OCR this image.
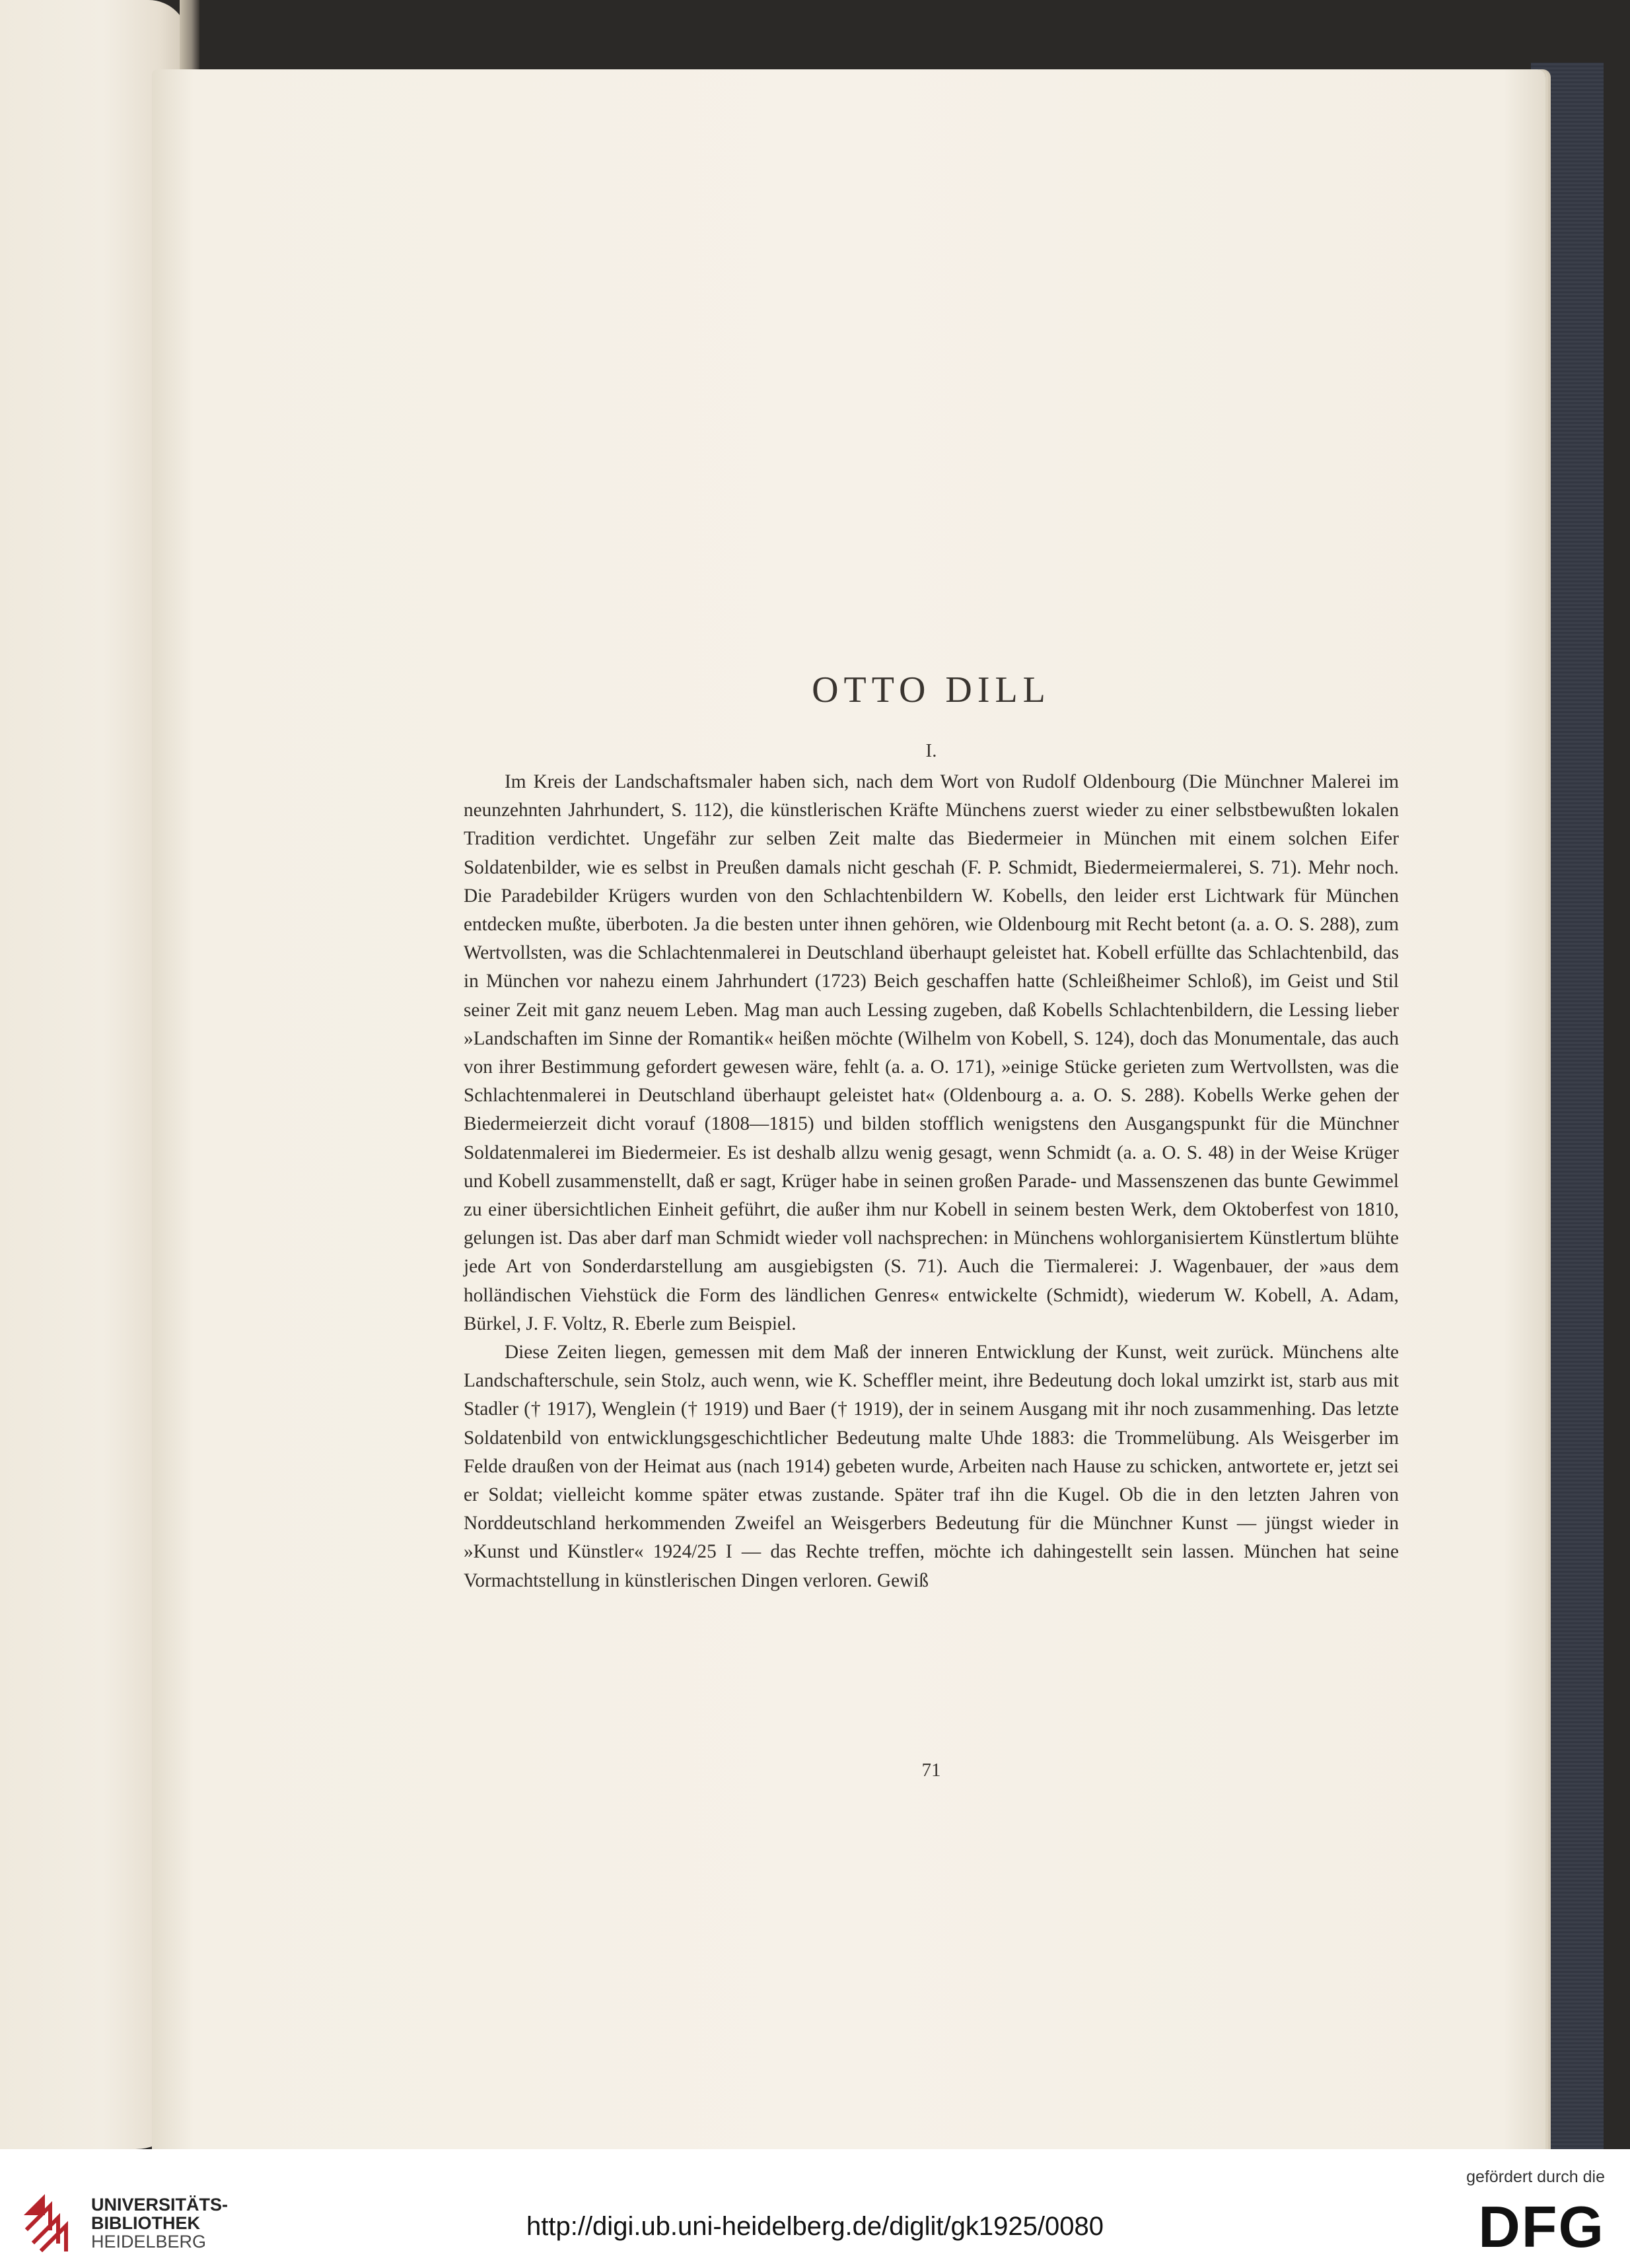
OTTO DILL
I.

Im Kreis der Landschaftsmaler haben sich, nach dem Wort von Rudolf Oldenbourg (Die Münchner Malerei im neunzehnten Jahrhundert, S. 112), die künstlerischen Kräfte Münchens zuerst wieder zu einer selbstbewußten lokalen Tradition verdichtet. Ungefähr zur selben Zeit malte das Biedermeier in München mit einem solchen Eifer Soldatenbilder, wie es selbst in Preußen damals nicht geschah (F. P. Schmidt, Biedermeiermalerei, S. 71). Mehr noch. Die Paradebilder Krügers wurden von den Schlachtenbildern W. Kobells, den leider erst Lichtwark für München entdecken mußte, überboten. Ja die besten unter ihnen gehören, wie Oldenbourg mit Recht betont (a. a. O. S. 288), zum Wertvollsten, was die Schlachtenmalerei in Deutschland überhaupt geleistet hat. Kobell erfüllte das Schlachtenbild, das in München vor nahezu einem Jahrhundert (1723) Beich geschaffen hatte (Schleißheimer Schloß), im Geist und Stil seiner Zeit mit ganz neuem Leben. Mag man auch Lessing zugeben, daß Kobells Schlachtenbildern, die Lessing lieber »Landschaften im Sinne der Romantik« heißen möchte (Wilhelm von Kobell, S. 124), doch das Monumentale, das auch von ihrer Bestimmung gefordert gewesen wäre, fehlt (a. a. O. 171), »einige Stücke gerieten zum Wertvollsten, was die Schlachtenmalerei in Deutschland überhaupt geleistet hat« (Oldenbourg a. a. O. S. 288). Kobells Werke gehen der Biedermeierzeit dicht vorauf (1808—1815) und bilden stofflich wenigstens den Ausgangspunkt für die Münchner Soldatenmalerei im Biedermeier. Es ist deshalb allzu wenig gesagt, wenn Schmidt (a. a. O. S. 48) in der Weise Krüger und Kobell zusammenstellt, daß er sagt, Krüger habe in seinen großen Parade- und Massenszenen das bunte Gewimmel zu einer übersichtlichen Einheit geführt, die außer ihm nur Kobell in seinem besten Werk, dem Oktoberfest von 1810, gelungen ist. Das aber darf man Schmidt wieder voll nachsprechen: in Münchens wohlorganisiertem Künstlertum blühte jede Art von Sonderdarstellung am ausgiebigsten (S. 71). Auch die Tiermalerei: J. Wagenbauer, der »aus dem holländischen Viehstück die Form des ländlichen Genres« entwickelte (Schmidt), wiederum W. Kobell, A. Adam, Bürkel, J. F. Voltz, R. Eberle zum Beispiel.

Diese Zeiten liegen, gemessen mit dem Maß der inneren Entwicklung der Kunst, weit zurück. Münchens alte Landschafterschule, sein Stolz, auch wenn, wie K. Scheffler meint, ihre Bedeutung doch lokal umzirkt ist, starb aus mit Stadler († 1917), Wenglein († 1919) und Baer († 1919), der in seinem Ausgang mit ihr noch zusammenhing. Das letzte Soldatenbild von entwicklungsgeschichtlicher Bedeutung malte Uhde 1883: die Trommelübung. Als Weisgerber im Felde draußen von der Heimat aus (nach 1914) gebeten wurde, Arbeiten nach Hause zu schicken, antwortete er, jetzt sei er Soldat; vielleicht komme später etwas zustande. Später traf ihn die Kugel. Ob die in den letzten Jahren von Norddeutschland herkommenden Zweifel an Weisgerbers Bedeutung für die Münchner Kunst — jüngst wieder in »Kunst und Künstler« 1924/25 I — das Rechte treffen, möchte ich dahingestellt sein lassen. München hat seine Vormachtstellung in künstlerischen Dingen verloren. Gewiß

71
UNIVERSITÄTS-
BIBLIOTHEK
HEIDELBERG
http://digi.ub.uni-heidelberg.de/diglit/gk1925/0080
gefördert durch die
DFG
